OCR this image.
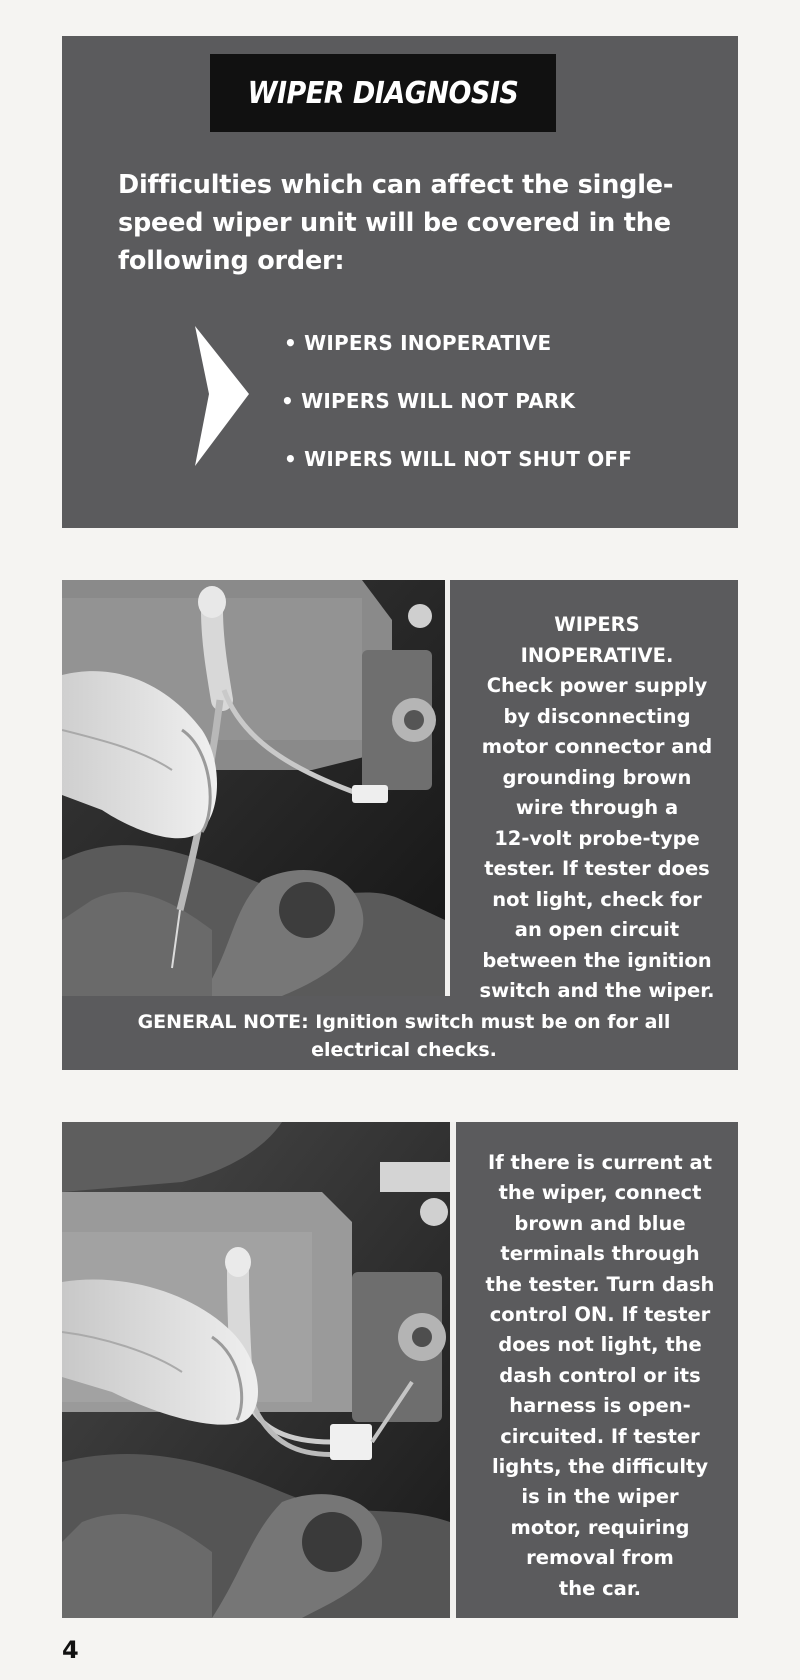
WIPER DIAGNOSIS

Difficulties which can affect the single-
speed wiper unit will be covered in the
following order:

• WIPERS INOPERATIVE
• WIPERS WILL NOT PARK
• WIPERS WILL NOT SHUT OFF

WIPERS
INOPERATIVE.
Check power supply
by disconnecting
motor connector and
grounding brown
wire through a
12-volt probe-type
tester. If tester does
not light, check for
an open circuit
between the ignition
switch and the wiper.

GENERAL NOTE: Ignition switch must be on for all
electrical checks.

If there is current at
the wiper, connect
brown and blue
terminals through
the tester. Turn dash
control ON. If tester
does not light, the
dash control or its
harness is open-
circuited. If tester
lights, the difficulty
is in the wiper
motor, requiring
removal from
the car.

4
